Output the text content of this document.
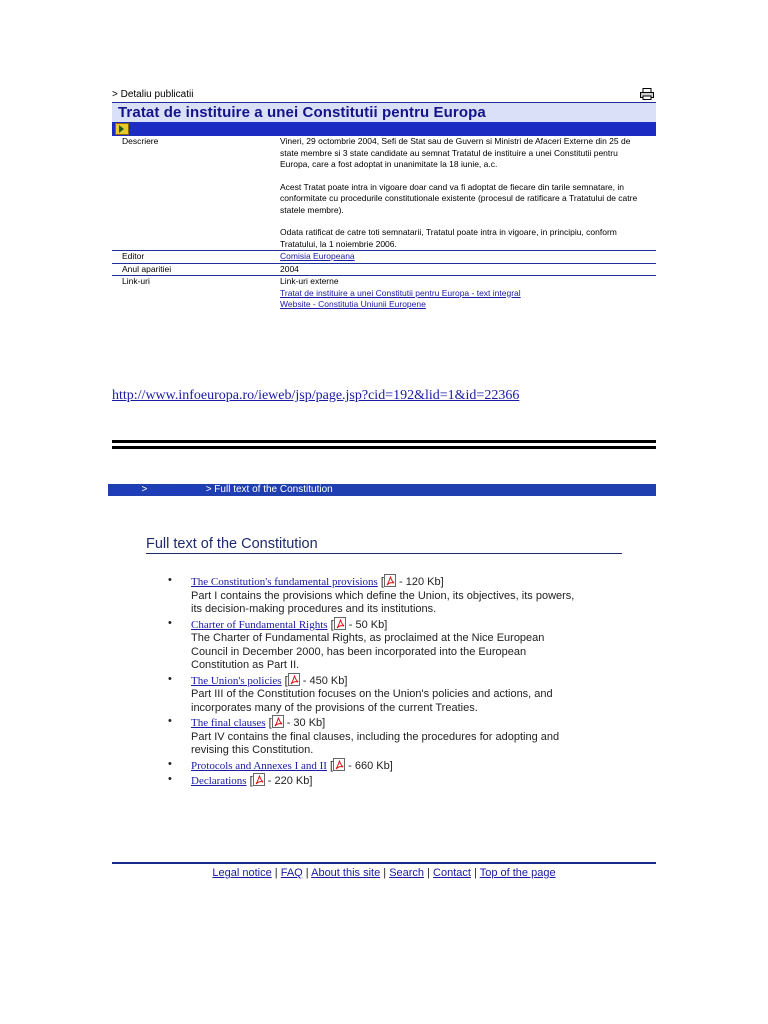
> Detaliu publicatii
Tratat de instituire a unei Constitutii pentru Europa
Descriere	Vineri, 29 octombrie 2004, Sefi de Stat sau de Guvern si Ministri de Afaceri Externe din 25 de state membre si 3 state candidate au semnat Tratatul de instituire a unei Constitutii pentru Europa, care a fost adoptat in unanimitate la 18 iunie, a.c.

Acest Tratat poate intra in vigoare doar cand va fi adoptat de fiecare din tarile semnatare, in conformitate cu procedurile constitutionale existente (procesul de ratificare a Tratatului de catre statele membre).

Odata ratificat de catre toti semnatarii, Tratatul poate intra in vigoare, in principiu, conform Tratatului, la 1 noiembrie 2006.

Editor	Comisia Europeana
Anul aparitiei	2004
Link-uri	Link-uri externe
Tratat de instituire a unei Constitutii pentru Europa - text integral
Website - Constitutia Uniunii Europene
http://www.infoeuropa.ro/ieweb/jsp/page.jsp?cid=192&lid=1&id=22366
Home > Constitution > Full text of the Constitution
Full text of the Constitution
• The Constitution's fundamental provisions [
- 120 Kb]
Part I contains the provisions which define the Union, its objectives, its powers, its decision-making procedures and its institutions.
• Charter of Fundamental Rights [
- 50 Kb]
The Charter of Fundamental Rights, as proclaimed at the Nice European Council in December 2000, has been incorporated into the European Constitution as Part II.
• The Union's policies [
- 450 Kb]
Part III of the Constitution focuses on the Union's policies and actions, and incorporates many of the provisions of the current Treaties.
• The final clauses [
- 30 Kb]
Part IV contains the final clauses, including the procedures for adopting and revising this Constitution.
• Protocols and Annexes I and II [
- 660 Kb]
• Declarations [
- 220 Kb]
Legal notice | FAQ | About this site | Search | Contact | Top of the page
